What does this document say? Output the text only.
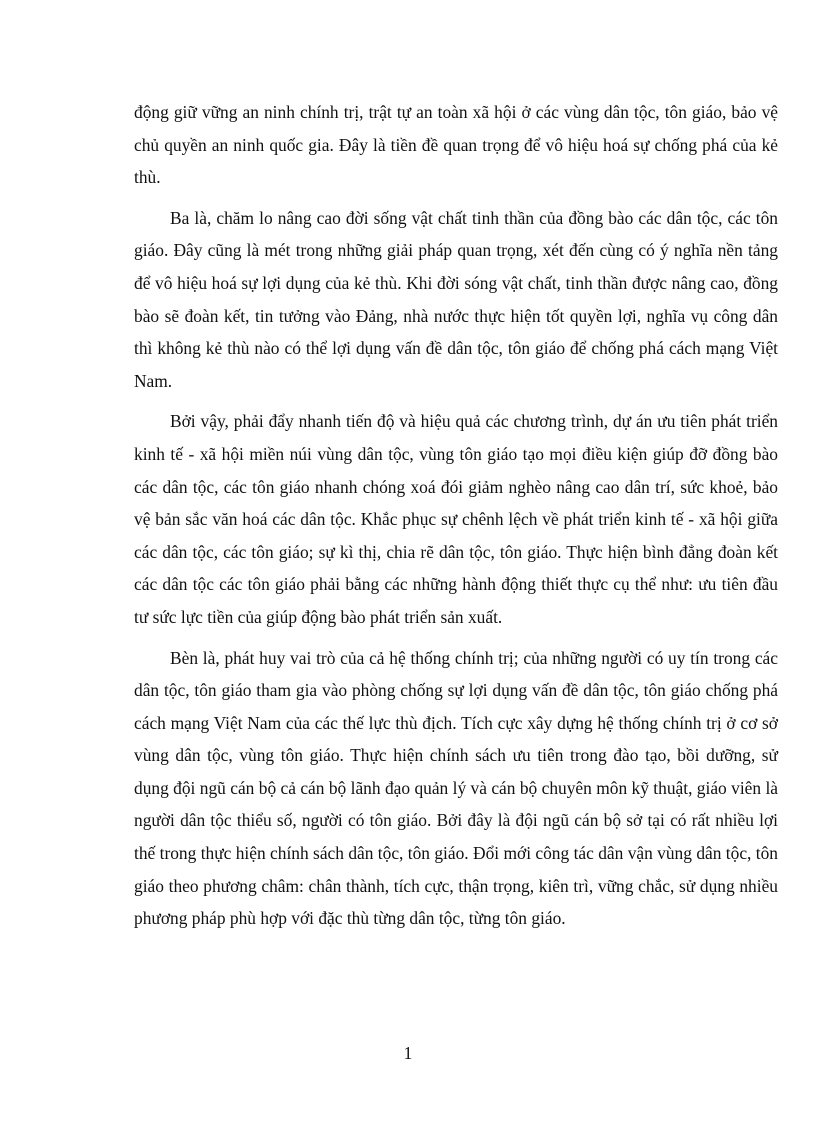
động giữ vững an ninh chính trị, trật tự an toàn xã hội ở các vùng dân tộc, tôn giáo, bảo vệ chủ quyền an ninh quốc gia. Đây là tiền đề quan trọng để vô hiệu hoá sự chống phá của kẻ thù.

Ba là, chăm lo nâng cao đời sống vật chất tinh thần của đồng bào các dân tộc, các tôn giáo. Đây cũng là mét trong những giải pháp quan trọng, xét đến cùng có ý nghĩa nền tảng để vô hiệu hoá sự lợi dụng của kẻ thù. Khi đời sóng vật chất, tinh thần được nâng cao, đồng bào sẽ đoàn kết, tin tưởng vào Đảng, nhà nước thực hiện tốt quyền lợi, nghĩa vụ công dân thì không kẻ thù nào có thể lợi dụng vấn đề dân tộc, tôn giáo để chống phá cách mạng Việt Nam.

Bởi vậy, phải đẩy nhanh tiến độ và hiệu quả các chương trình, dự án ưu tiên phát triển kinh tế - xã hội miền núi vùng dân tộc, vùng tôn giáo tạo mọi điều kiện giúp đỡ đồng bào các dân tộc, các tôn giáo nhanh chóng xoá đói giảm nghèo nâng cao dân trí, sức khoẻ, bảo vệ bản sắc văn hoá các dân tộc. Khắc phục sự chênh lệch về phát triển kinh tế - xã hội giữa các dân tộc, các tôn giáo; sự kì thị, chia rẽ dân tộc, tôn giáo. Thực hiện bình đẳng đoàn kết các dân tộc các tôn giáo phải bằng các những hành động thiết thực cụ thể như: ưu tiên đầu tư sức lực tiền của giúp động bào phát triển sản xuất.

Bèn là, phát huy vai trò của cả hệ thống chính trị; của những người có uy tín trong các dân tộc, tôn giáo tham gia vào phòng chống sự lợi dụng vấn đề dân tộc, tôn giáo chống phá cách mạng Việt Nam của các thế lực thù địch. Tích cực xây dựng hệ thống chính trị ở cơ sở vùng dân tộc, vùng tôn giáo. Thực hiện chính sách ưu tiên trong đào tạo, bồi dưỡng, sử dụng đội ngũ cán bộ cả cán bộ lãnh đạo quản lý và cán bộ chuyên môn kỹ thuật, giáo viên là người dân tộc thiểu số, người có tôn giáo. Bởi đây là đội ngũ cán bộ sở tại có rất nhiều lợi thế trong thực hiện chính sách dân tộc, tôn giáo. Đổi mới công tác dân vận vùng dân tộc, tôn giáo theo phương châm: chân thành, tích cực, thận trọng, kiên trì, vững chắc, sử dụng nhiều phương pháp phù hợp với đặc thù từng dân tộc, từng tôn giáo.

1
